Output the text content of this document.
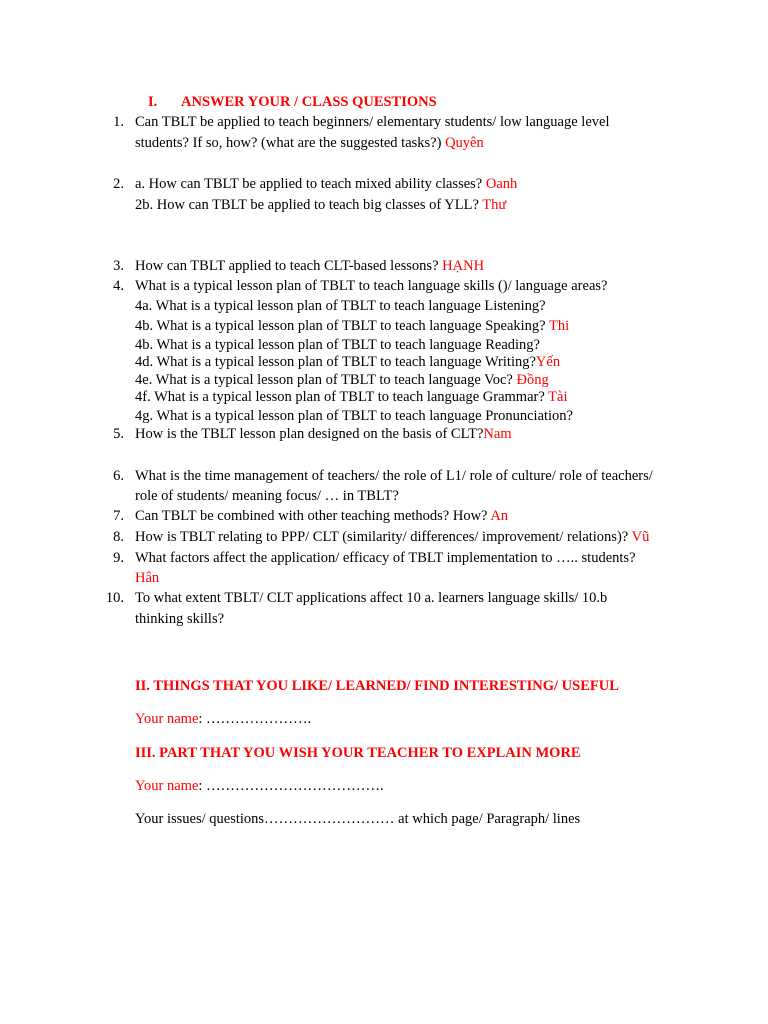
I. ANSWER YOUR / CLASS QUESTIONS
1. Can TBLT be applied to teach beginners/ elementary students/ low language level
students? If so, how? (what are the suggested tasks?) Quyên
2. a. How can TBLT be applied to teach mixed ability classes? Oanh
2b. How can TBLT be applied to teach big classes of YLL? Thư
3. How can TBLT applied to teach CLT-based lessons? HẠNH
4. What is a typical lesson plan of TBLT to teach language skills ()/ language areas?
4a. What is a typical lesson plan of TBLT to teach language Listening?
4b. What is a typical lesson plan of TBLT to teach language Speaking? Thi
4b. What is a typical lesson plan of TBLT to teach language Reading?
4d. What is a typical lesson plan of TBLT to teach language Writing?Yến
4e. What is a typical lesson plan of TBLT to teach language Voc? Đồng
4f. What is a typical lesson plan of TBLT to teach language Grammar? Tài
4g. What is a typical lesson plan of TBLT to teach language Pronunciation?
5. How is the TBLT lesson plan designed on the basis of CLT?Nam
6. What is the time management of teachers/ the role of L1/ role of culture/ role of teachers/
role of students/ meaning focus/ … in TBLT?
7. Can TBLT be combined with other teaching methods? How? An
8. How is TBLT relating to PPP/ CLT (similarity/ differences/ improvement/ relations)? Vũ
9. What factors affect the application/ efficacy of TBLT implementation to ….. students?
Hân
10. To what extent TBLT/ CLT applications affect 10 a. learners language skills/ 10.b
thinking skills?
II. THINGS THAT YOU LIKE/ LEARNED/ FIND INTERESTING/ USEFUL
Your name: ………………….
III. PART THAT YOU WISH YOUR TEACHER TO EXPLAIN MORE
Your name: ……………………………….
Your issues/ questions……………………… at which page/ Paragraph/ lines
